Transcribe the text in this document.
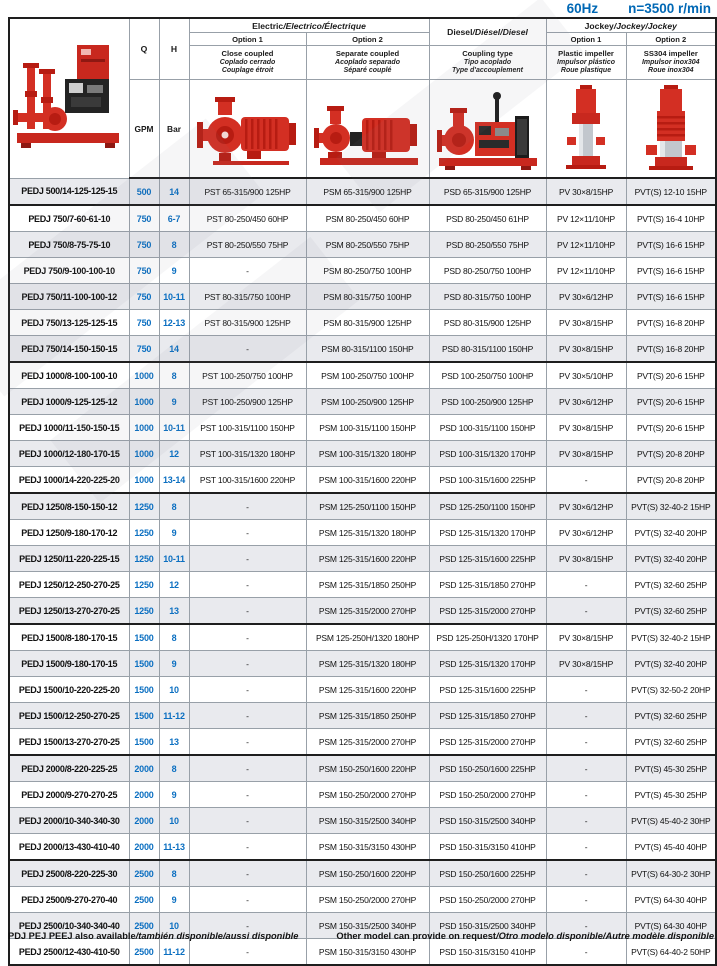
60Hz n=3500 r/min
	Q	H	Electric/Electrico/Électrique		Diesel/Diésel/Diesel	Jockey/Jockey/Jockey	
			Option 1	Option 2		Option 1	Option 2

			Close coupled
Coplado cerrado
Couplage étroit	Separate coupled
Acoplado separado
Séparé couplé	Coupling type
Tipo acoplado
Type d'accouplement	Plastic impeller
Impulsor plástico
Roue plastique	SS304 impeller
Impulsor inox304
Roue inox304

	GPM	Bar	

PEDJ 500/14-125-125-15	500	14	PST 65-315/900 125HP	PSM 65-315/900 125HP	PSD 65-315/900 125HP	PV 30×8/15HP	PVT(S) 12-10 15HP
PEDJ 750/7-60-61-10	750	6-7	PST 80-250/450 60HP	PSM 80-250/450 60HP	PSD 80-250/450 61HP	PV 12×11/10HP	PVT(S) 16-4 10HP
PEDJ 750/8-75-75-10	750	8	PST 80-250/550 75HP	PSM 80-250/550 75HP	PSD 80-250/550 75HP	PV 12×11/10HP	PVT(S) 16-6 15HP
PEDJ 750/9-100-100-10	750	9	-	PSM 80-250/750 100HP	PSD 80-250/750 100HP	PV 12×11/10HP	PVT(S) 16-6 15HP
PEDJ 750/11-100-100-12	750	10-11	PST 80-315/750 100HP	PSM 80-315/750 100HP	PSD 80-315/750 100HP	PV 30×6/12HP	PVT(S) 16-6 15HP
PEDJ 750/13-125-125-15	750	12-13	PST 80-315/900 125HP	PSM 80-315/900 125HP	PSD 80-315/900 125HP	PV 30×8/15HP	PVT(S) 16-8 20HP
PEDJ 750/14-150-150-15	750	14	-	PSM 80-315/1100 150HP	PSD 80-315/1100 150HP	PV 30×8/15HP	PVT(S) 16-8 20HP
PEDJ 1000/8-100-100-10	1000	8	PST 100-250/750 100HP	PSM 100-250/750 100HP	PSD 100-250/750 100HP	PV 30×5/10HP	PVT(S) 20-6 15HP
PEDJ 1000/9-125-125-12	1000	9	PST 100-250/900 125HP	PSM 100-250/900 125HP	PSD 100-250/900 125HP	PV 30×6/12HP	PVT(S) 20-6 15HP
PEDJ 1000/11-150-150-15	1000	10-11	PST 100-315/1100 150HP	PSM 100-315/1100 150HP	PSD 100-315/1100 150HP	PV 30×8/15HP	PVT(S) 20-6 15HP
PEDJ 1000/12-180-170-15	1000	12	PST 100-315/1320 180HP	PSM 100-315/1320 180HP	PSD 100-315/1320 170HP	PV 30×8/15HP	PVT(S) 20-8 20HP
PEDJ 1000/14-220-225-20	1000	13-14	PST 100-315/1600 220HP	PSM 100-315/1600 220HP	PSD 100-315/1600 225HP	-	PVT(S) 20-8 20HP
PEDJ 1250/8-150-150-12	1250	8	-	PSM 125-250/1100 150HP	PSD 125-250/1100 150HP	PV 30×6/12HP	PVT(S) 32-40-2 15HP
PEDJ 1250/9-180-170-12	1250	9	-	PSM 125-315/1320 180HP	PSD 125-315/1320 170HP	PV 30×6/12HP	PVT(S) 32-40 20HP
PEDJ 1250/11-220-225-15	1250	10-11	-	PSM 125-315/1600 220HP	PSD 125-315/1600 225HP	PV 30×8/15HP	PVT(S) 32-40 20HP
PEDJ 1250/12-250-270-25	1250	12	-	PSM 125-315/1850 250HP	PSD 125-315/1850 270HP	-	PVT(S) 32-60 25HP
PEDJ 1250/13-270-270-25	1250	13	-	PSM 125-315/2000 270HP	PSD 125-315/2000 270HP	-	PVT(S) 32-60 25HP
PEDJ 1500/8-180-170-15	1500	8	-	PSM 125-250H/1320 180HP	PSD 125-250H/1320 170HP	PV 30×8/15HP	PVT(S) 32-40-2 15HP
PEDJ 1500/9-180-170-15	1500	9	-	PSM 125-315/1320 180HP	PSD 125-315/1320 170HP	PV 30×8/15HP	PVT(S) 32-40 20HP
PEDJ 1500/10-220-225-20	1500	10	-	PSM 125-315/1600 220HP	PSD 125-315/1600 225HP	-	PVT(S) 32-50-2 20HP
PEDJ 1500/12-250-270-25	1500	11-12	-	PSM 125-315/1850 250HP	PSD 125-315/1850 270HP	-	PVT(S) 32-60 25HP
PEDJ 1500/13-270-270-25	1500	13	-	PSM 125-315/2000 270HP	PSD 125-315/2000 270HP	-	PVT(S) 32-60 25HP
PEDJ 2000/8-220-225-25	2000	8	-	PSM 150-250/1600 220HP	PSD 150-250/1600 225HP	-	PVT(S) 45-30 25HP
PEDJ 2000/9-270-270-25	2000	9	-	PSM 150-250/2000 270HP	PSD 150-250/2000 270HP	-	PVT(S) 45-30 25HP
PEDJ 2000/10-340-340-30	2000	10	-	PSM 150-315/2500 340HP	PSD 150-315/2500 340HP	-	PVT(S) 45-40-2 30HP
PEDJ 2000/13-430-410-40	2000	11-13	-	PSM 150-315/3150 430HP	PSD 150-315/3150 410HP	-	PVT(S) 45-40 40HP
PEDJ 2500/8-220-225-30	2500	8	-	PSM 150-250/1600 220HP	PSD 150-250/1600 225HP	-	PVT(S) 64-30-2 30HP
PEDJ 2500/9-270-270-40	2500	9	-	PSM 150-250/2000 270HP	PSD 150-250/2000 270HP	-	PVT(S) 64-30 40HP
PEDJ 2500/10-340-340-40	2500	10	-	PSM 150-315/2500 340HP	PSD 150-315/2500 340HP	-	PVT(S) 64-30 40HP
PEDJ 2500/12-430-410-50	2500	11-12	-	PSM 150-315/3150 430HP	PSD 150-315/3150 410HP	-	PVT(S) 64-40-2 50HP
PDJ PEJ PEEJ also available/también disponible/aussi disponible	Other model can provide on request/Otro modelo disponible/Autre modèle disponible
